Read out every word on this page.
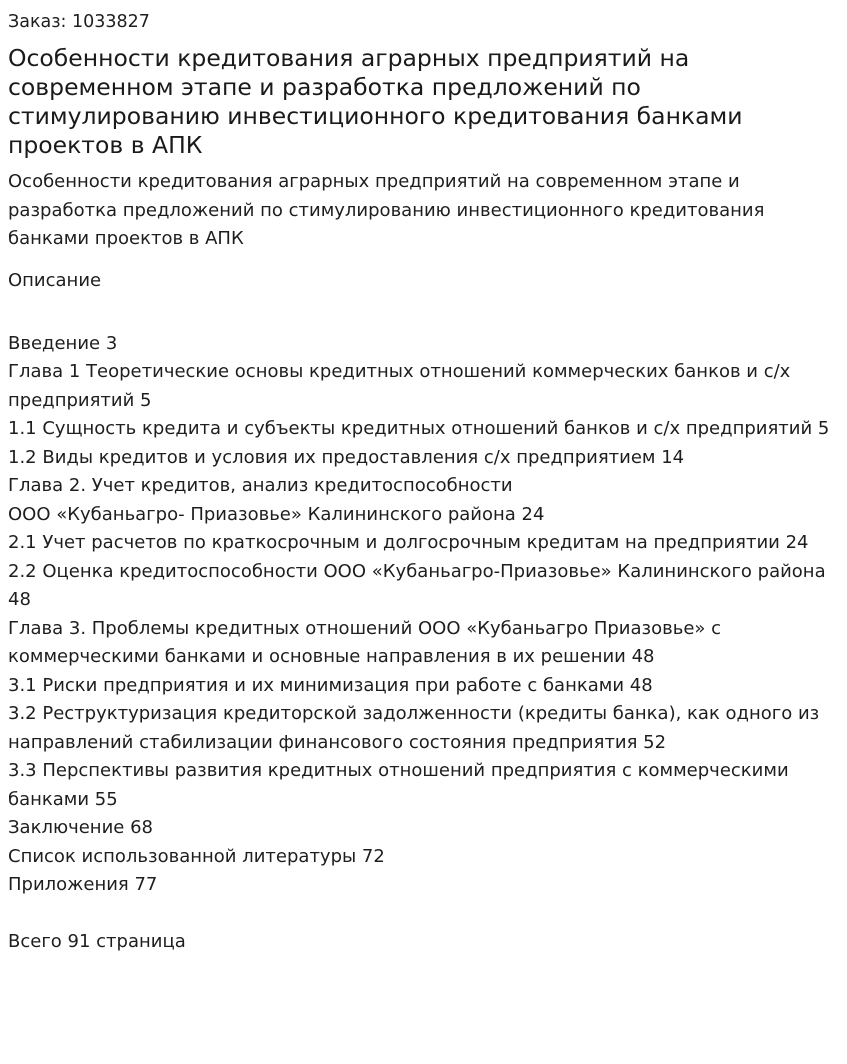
Заказ: 1033827
Особенности кредитования аграрных предприятий на современном этапе и разработка предложений по стимулированию инвестиционного кредитования банками проектов в АПК
Особенности кредитования аграрных предприятий на современном этапе и разработка предложений по стимулированию инвестиционного кредитования банками проектов в АПК
Описание
Введение 3
Глава 1 Теоретические основы кредитных отношений коммерческих банков и с/х предприятий 5
1.1 Сущность кредита и субъекты кредитных отношений банков и с/х предприятий 5
1.2 Виды кредитов и условия их предоставления с/х предприятием 14
Глава 2. Учет кредитов, анализ кредитоспособности
ООО «Кубаньагро- Приазовье» Калининского района 24
2.1 Учет расчетов по краткосрочным и долгосрочным кредитам на предприятии 24
2.2 Оценка кредитоспособности ООО «Кубаньагро-Приазовье» Калининского района 48
Глава 3. Проблемы кредитных отношений ООО «Кубаньагро Приазовье» с коммерческими банками и основные направления в их решении 48
3.1 Риски предприятия и их минимизация при работе с банками 48
3.2 Реструктуризация кредиторской задолженности (кредиты банка), как одного из направлений стабилизации финансового состояния предприятия 52
3.3 Перспективы развития кредитных отношений предприятия с коммерческими банками 55
Заключение 68
Список использованной литературы 72
Приложения 77
Всего 91 страница
